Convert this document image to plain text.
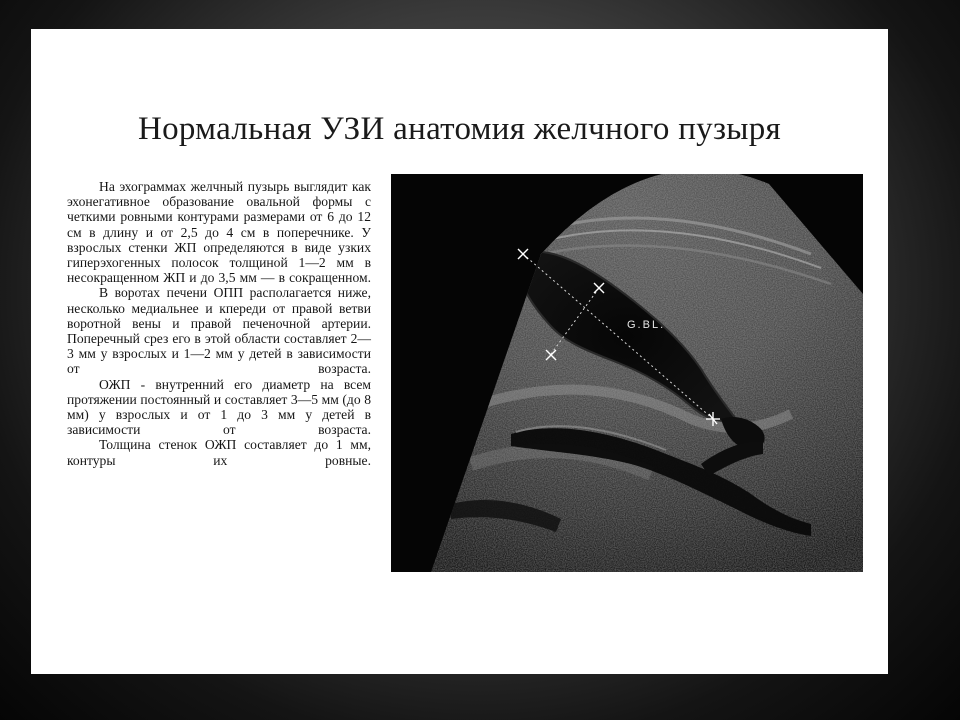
Нормальная УЗИ анатомия желчного пузыря

На эхограммах желчный пузырь выглядит как эхонегативное образование овальной формы с четкими ровными контурами размерами от 6 до 12 см в длину и от 2,5 до 4 см в поперечнике. У взрослых стенки ЖП определяются в виде узких гиперэхогенных полосок толщиной 1—2 мм в несокращенном ЖП и до 3,5 мм — в сокращенном.

В воротах печени ОПП располагается ниже, несколько медиальнее и кпереди от правой ветви воротной вены и правой печеночной артерии. Поперечный срез его в этой области составляет 2—3 мм у взрослых и 1—2 мм у детей в зависимости от возраста.

ОЖП - внутренний его диаметр на всем протяжении постоянный и составляет 3—5 мм (до 8 мм) у взрослых и от 1 до 3 мм у детей в зависимости от возраста.

Толщина стенок ОЖП составляет до 1 мм, контуры их ровные.

G.BL.
